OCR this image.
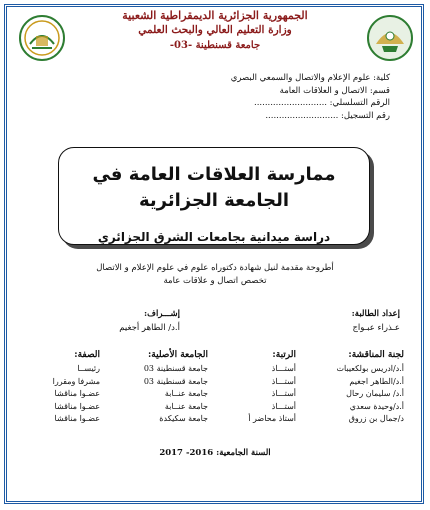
الجمهورية الجزائرية الديمقراطية الشعبية
وزارة التعليم العالي والبحث العلمي
جامعة قسنطينة -03-
كلية: علوم الإعلام والاتصال والسمعي البصري
قسم: الاتصال و العلاقات العامة
الرقم التسلسلي: ...........................
رقم التسجيل: ...........................
ممارسة العلاقات العامة في الجامعة الجزائرية
دراسة ميدانية بجامعات الشرق الجزائري
أطروحة مقدمة لنيل شهادة دكتوراه علوم في علوم الإعلام و الاتصال
تخصص اتصال و علاقات عامة
إعداد الطالبة:
عـذراء عبـواج
إشـــراف:
أ.د/ الطاهر أجغيم
لجنة المناقشة:	الرتبة:	الجامعة الأصلية:	الصفة:
أ.د/ادريس بولكعيبات	أستـــاذ	جامعة قسنطينة 03	رئيســا
أ.د/الطاهر اجغيم	أستـــاذ	جامعة قسنطينة 03	مشرفا ومقررا
أ.د/ سليمان رحال	أستـــاذ	جامعة عنــابة	عضـوا مناقشا
أ.د/وحيدة سعدي	أستـــاذ	جامعة عنــابة	عضـوا مناقشا
د/جمال بن زروق	أستاذ محاضر أ	جامعة سكيكدة	عضـوا مناقشا
السنة الجامعية: 2016- 2017
